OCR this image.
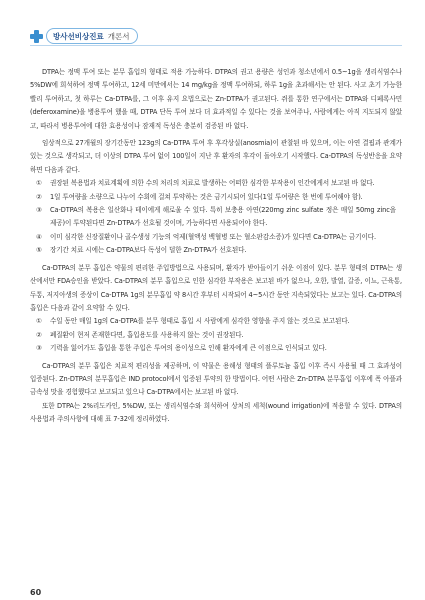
방사선비상진료 개론서

DTPA는 정맥 투여 또는 분무 흡입의 형태로 적용 가능하다. DTPA의 권고 용량은 성인과 청소년에서 0.5~1g을 생리식염수나 5%DW에 희석하여 정맥 투여하고, 12세 미만에서는 14 mg/kg을 정맥 투여하되, 하루 1g을 초과해서는 안 된다. 사고 초기 가능한 빨리 투여하고, 첫 하루는 Ca-DTPA를, 그 이후 유지 요법으로는 Zn-DTPA가 권고된다. 쥐를 통한 연구에서는 DTPA와 디페록사민(deferoxamine)을 병용투여 했을 때, DTPA 단독 투여 보다 더 효과적일 수 있다는 것을 보여주나, 사람에게는 아직 지도되지 않았고, 따라서 병용투여에 대한 효용성이나 잠재적 독성은 충분히 검증된 바 없다.

임상적으로 27개월의 장기간동안 123g의 Ca-DTPA 투여 후 후각상실(anosmia)이 관찰된 바 있으며, 이는 아연 결핍과 관계가 있는 것으로 생각되고, 더 이상의 DTPA 투여 없이 100일이 지난 후 환자의 후각이 돌아오기 시작했다. Ca-DTPA의 독성반응을 요약하면 다음과 같다.

① 권장된 복용법과 치료계획에 의한 수의 처리의 치료로 발생하는 어떠한 심각한 부작용이 인간에게서 보고된 바 없다.
② 1일 투여량을 소량으로 나누어 수회에 걸쳐 투약하는 것은 금기시되어 있다(1일 투여량은 한 번에 투여해야 함).
③ Ca-DTPA의 복용은 일산화나 테이에게 해로울 수 있다. 특히 보충용 아연(220mg zinc sulfate 정은 매일 50mg zinc을 제공)이 투약된다면 Zn-DTPA가 선호될 것이며, 가능하다면 사용되어야 한다.
④ 이미 심각한 신장질환이나 골수생성 기능의 억제(혈액성 백혈병 또는 혈소판감소증)가 있다면 Ca-DTPA는 금기이다.
⑤ 장기간 치료 시에는 Ca-DTPA보다 독성이 덜한 Zn-DTPA가 선호된다.

Ca-DTPA의 분무 흡입은 약물의 편리한 주입방법으로 사용되며, 환자가 받아들이기 쉬운 이점이 있다. 분무 형태의 DTPA는 생산에서만 FDA승인을 받았다. Ca-DTPA의 분무 흡입으로 인한 심각한 부작용은 보고된 바가 없으나, 오한, 발열, 갈증, 이뇨, 근육통, 두통, 저지아생의 증상이 Ca-DTPA 1g의 분무흡입 약 8시간 후부터 시작되어 4~5시간 동안 지속되었다는 보고는 있다. Ca-DTPA의 흡입은 다음과 같이 요약할 수 있다.

① 수일 동안 매일 1g의 Ca-DTPA를 분무 형태로 흡입 시 사람에게 심각한 영향을 주지 않는 것으로 보고된다.
② 폐질환이 현저 존재한다면, 흡입용도를 사용하지 않는 것이 권장된다.
③ 기력을 잃어가도 흡입을 통한 주입은 투여의 용이성으로 인해 환자에게 큰 이점으로 인식되고 있다.

Ca-DTPA의 분무 흡입은 치료적 편리성을 제공하며, 이 약물은 용해성 형태의 플루토늄 흡입 이후 즉시 사용될 때 그 효과성이 입증된다. Zn-DTPA의 분무흡입은 IND protocol에서 입증된 투약의 한 방법이다. 어떤 사람은 Zn-DTPA 분무흡입 이후에 폭 아플과 금속성 맛을 경험했다고 보고되고 있으나 Ca-DTPA에서는 보고된 바 없다.

또한 DTPA는 2%리도카인, 5%DW, 또는 생리식염수와 희석하여 상처의 세척(wound irrigation)에 적용할 수 있다. DTPA의 사용법과 주의사항에 대해 표 7-32에 정리하였다.

60
